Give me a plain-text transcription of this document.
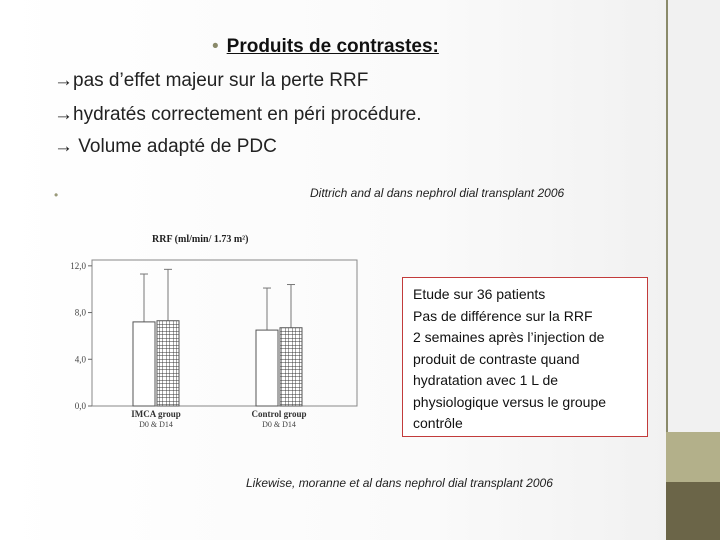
• Produits de contrastes:
→pas d’effet majeur sur la perte RRF
→hydratés correctement en péri procédure.
→ Volume adapté de PDC
•	Dittrich and al dans nephrol dial transplant 2006
RRF (ml/min/ 1.73 m²)
0,0
4,0
8,0
12,0
IMCA group
D0 & D14
Control group
D0 & D14
Etude sur 36 patients
Pas de différence sur la RRF
2 semaines après l’injection de
produit de contraste quand
hydratation avec 1 L de
physiologique versus le groupe
contrôle
Likewise, moranne et al dans nephrol dial transplant 2006
